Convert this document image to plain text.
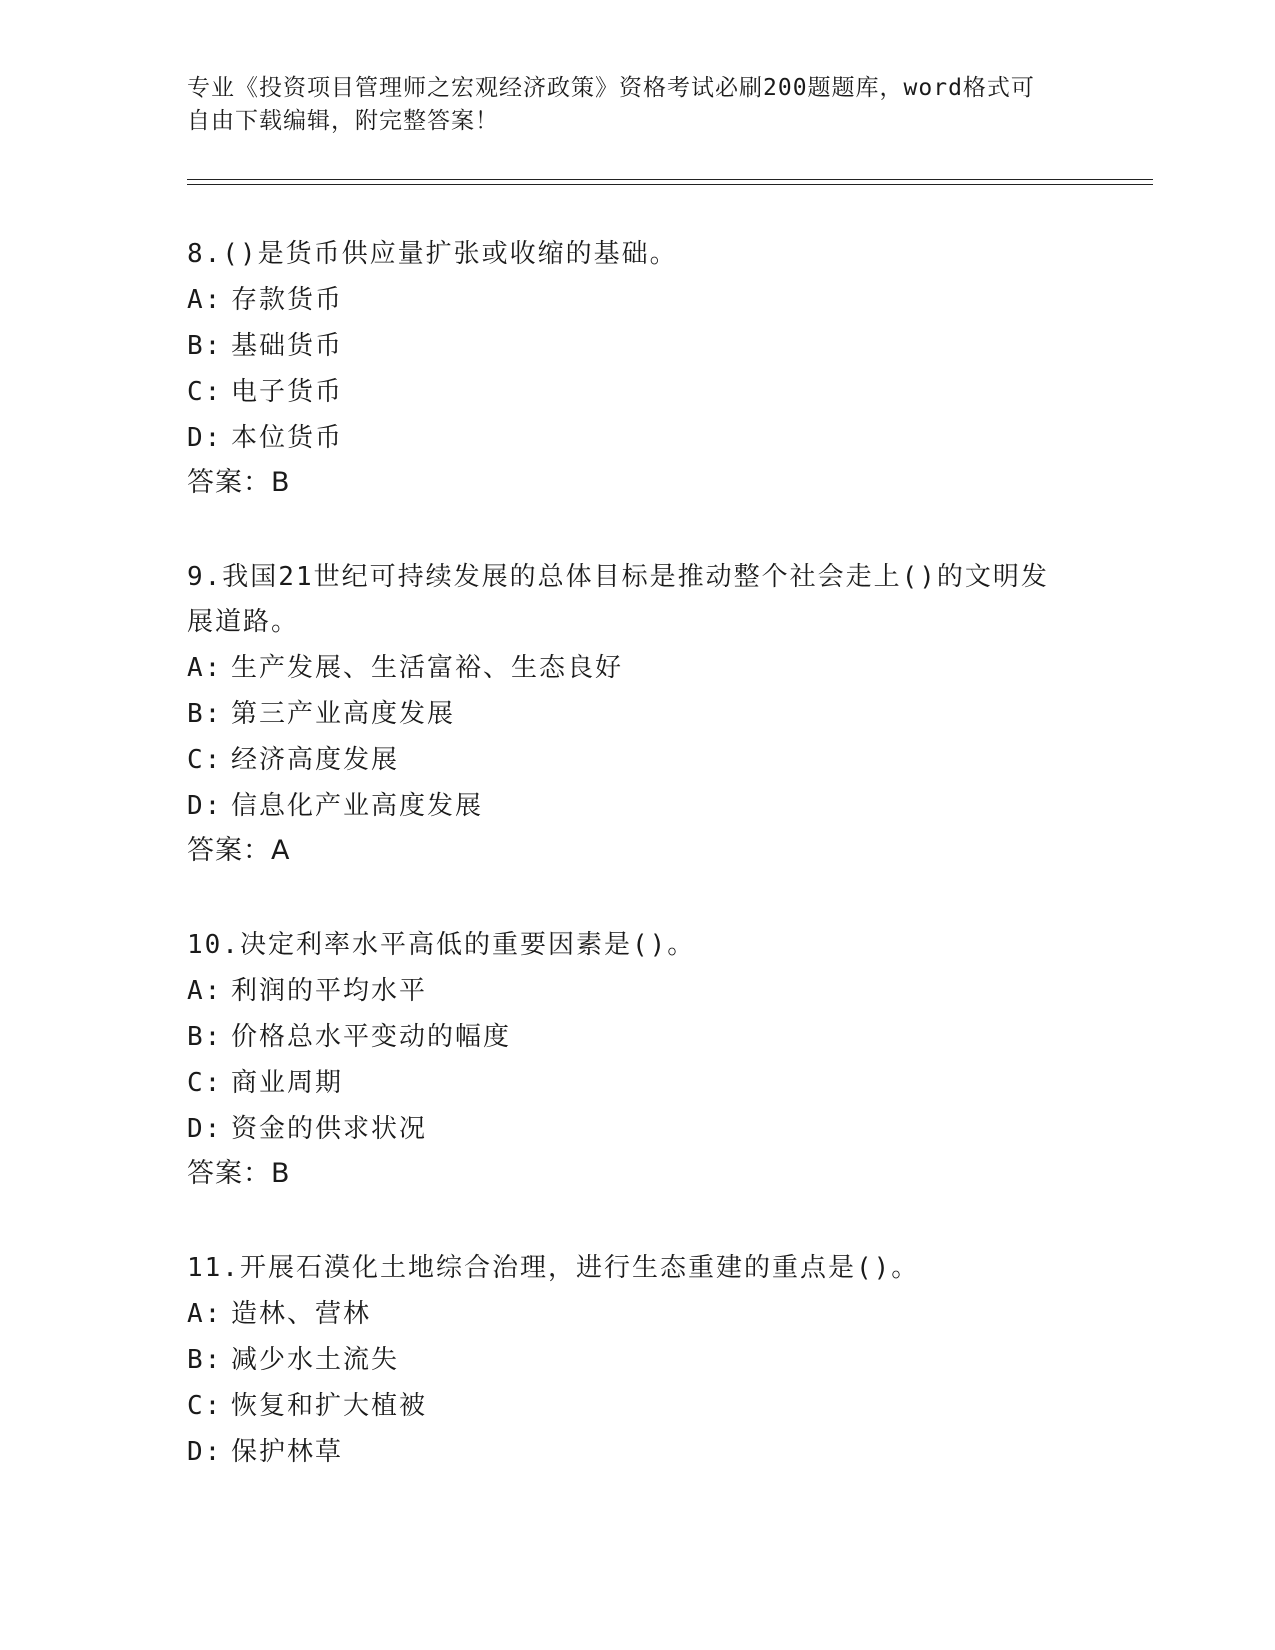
专业《投资项目管理师之宏观经济政策》资格考试必刷200题题库，word格式可
自由下载编辑，附完整答案！
8.()是货币供应量扩张或收缩的基础。
A: 存款货币
B: 基础货币
C: 电子货币
D: 本位货币
答案：B
9.我国21世纪可持续发展的总体目标是推动整个社会走上()的文明发
展道路。
A: 生产发展、生活富裕、生态良好
B: 第三产业高度发展
C: 经济高度发展
D: 信息化产业高度发展
答案：A
10.决定利率水平高低的重要因素是()。
A: 利润的平均水平
B: 价格总水平变动的幅度
C: 商业周期
D: 资金的供求状况
答案：B
11.开展石漠化土地综合治理，进行生态重建的重点是()。
A: 造林、营林
B: 减少水土流失
C: 恢复和扩大植被
D: 保护林草
